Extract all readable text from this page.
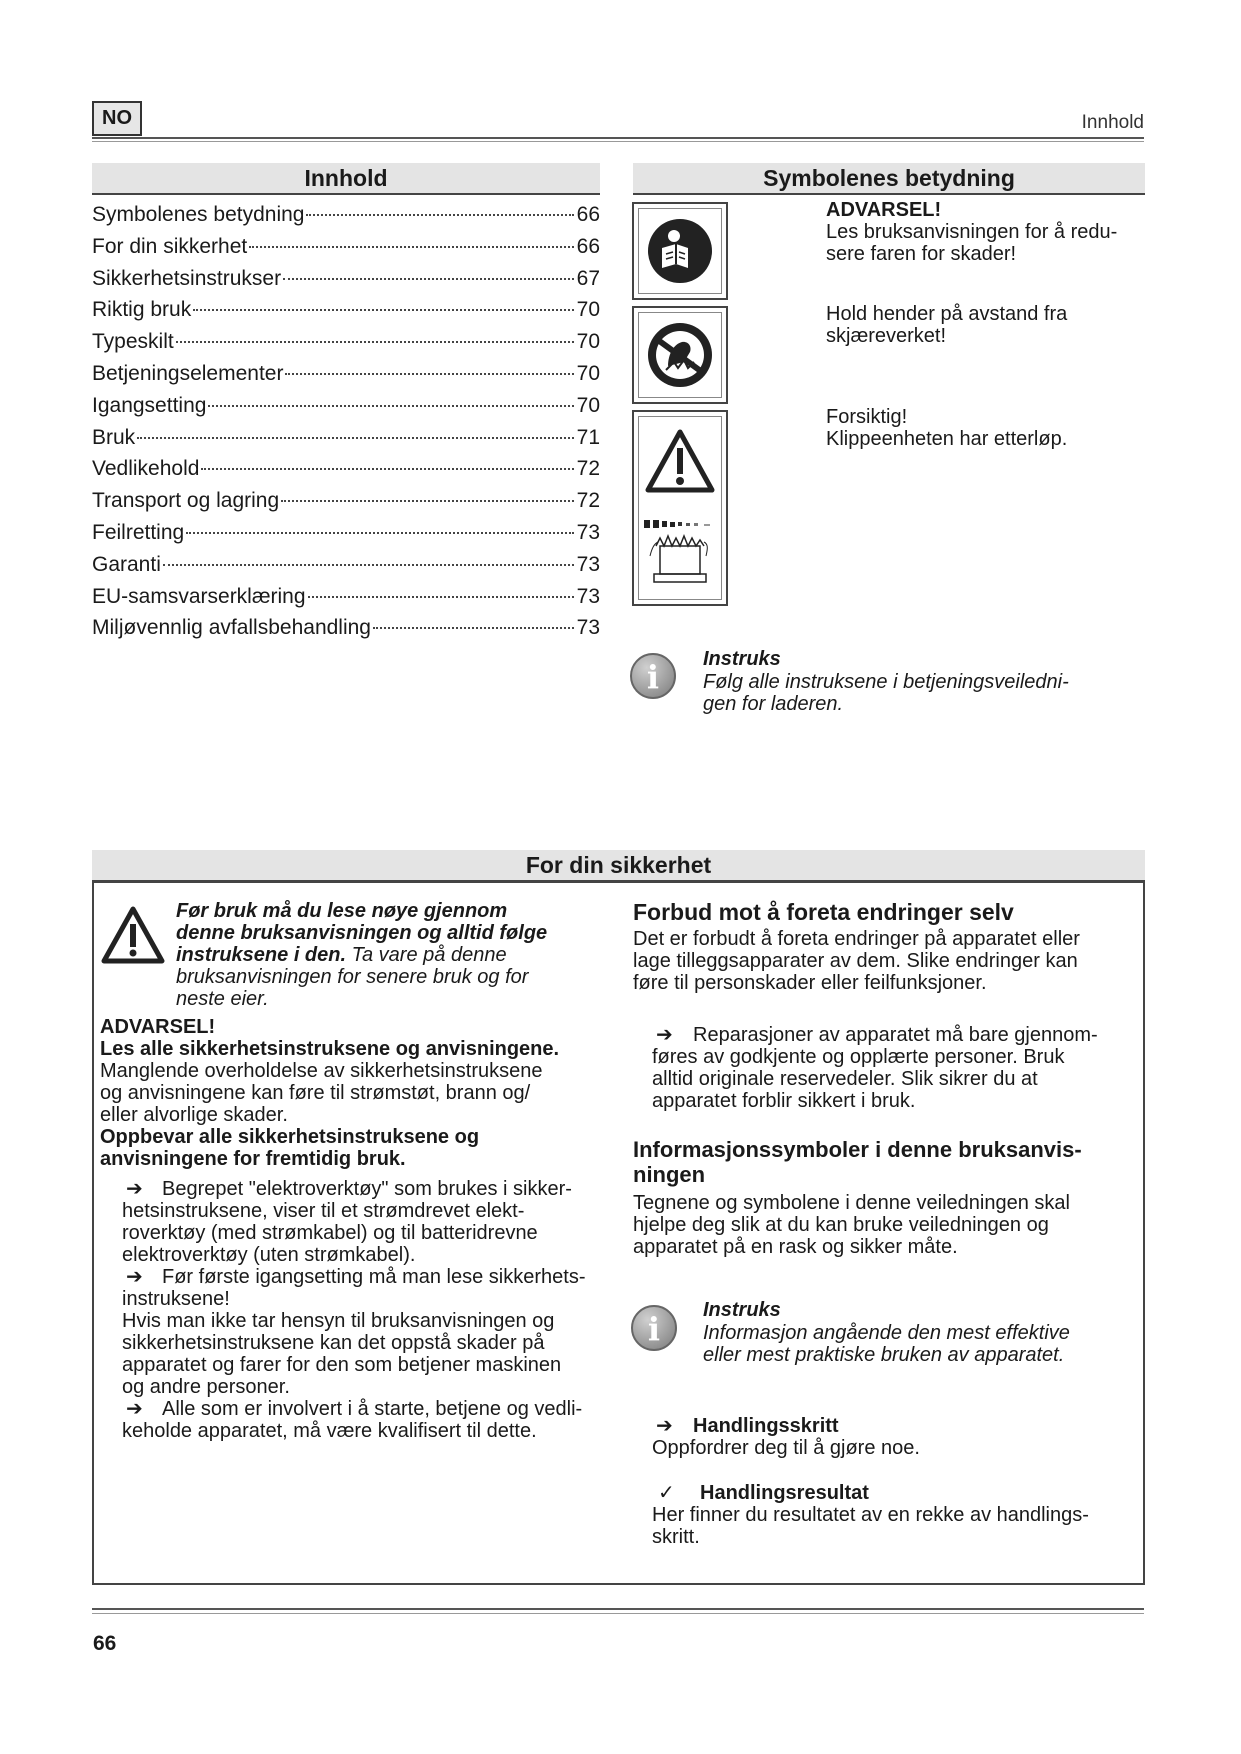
NO	Innhold
Innhold
Symbolenes betydning	66
For din sikkerhet	66
Sikkerhetsinstrukser	67
Riktig bruk	70
Typeskilt	70
Betjeningselementer	70
Igangsetting	70
Bruk	71
Vedlikehold	72
Transport og lagring	72
Feilretting	73
Garanti	73
EU-samsvarserklæring	73
Miljøvennlig avfallsbehandling	73
Symbolenes betydning
ADVARSEL!
Les bruksanvisningen for å redu-
sere faren for skader!
Hold hender på avstand fra
skjæreverket!
Forsiktig!
Klippeenheten har etterløp.
i	Instruks
Følg alle instruksene i betjeningsveiledni-
gen for laderen.
For din sikkerhet
Før bruk må du lese nøye gjennom
denne bruksanvisningen og alltid følge
instruksene i den. Ta vare på denne
bruksanvisningen for senere bruk og for
neste eier.
ADVARSEL!
Les alle sikkerhetsinstruksene og anvisningene.
Manglende overholdelse av sikkerhetsinstruksene
og anvisningene kan føre til strømstøt, brann og/
eller alvorlige skader.
Oppbevar alle sikkerhetsinstruksene og
anvisningene for fremtidig bruk.
➔ Begrepet "elektroverktøy" som brukes i sikker-
hetsinstruksene, viser til et strømdrevet elekt-
roverktøy (med strømkabel) og til batteridrevne
elektroverktøy (uten strømkabel).
➔ Før første igangsetting må man lese sikkerhets-
instruksene!
Hvis man ikke tar hensyn til bruksanvisningen og
sikkerhetsinstruksene kan det oppstå skader på
apparatet og farer for den som betjener maskinen
og andre personer.
➔ Alle som er involvert i å starte, betjene og vedli-
keholde apparatet, må være kvalifisert til dette.
Forbud mot å foreta endringer selv
Det er forbudt å foreta endringer på apparatet eller
lage tilleggsapparater av dem. Slike endringer kan
føre til personskader eller feilfunksjoner.
➔ Reparasjoner av apparatet må bare gjennom-
føres av godkjente og opplærte personer. Bruk
alltid originale reservedeler. Slik sikrer du at
apparatet forblir sikkert i bruk.
Informasjonssymboler i denne bruksanvis-
ningen
Tegnene og symbolene i denne veiledningen skal
hjelpe deg slik at du kan bruke veiledningen og
apparatet på en rask og sikker måte.
i	Instruks
Informasjon angående den mest effektive
eller mest praktiske bruken av apparatet.
➔ Handlingsskritt
Oppfordrer deg til å gjøre noe.
✓ Handlingsresultat
Her finner du resultatet av en rekke av handlings-
skritt.
66
